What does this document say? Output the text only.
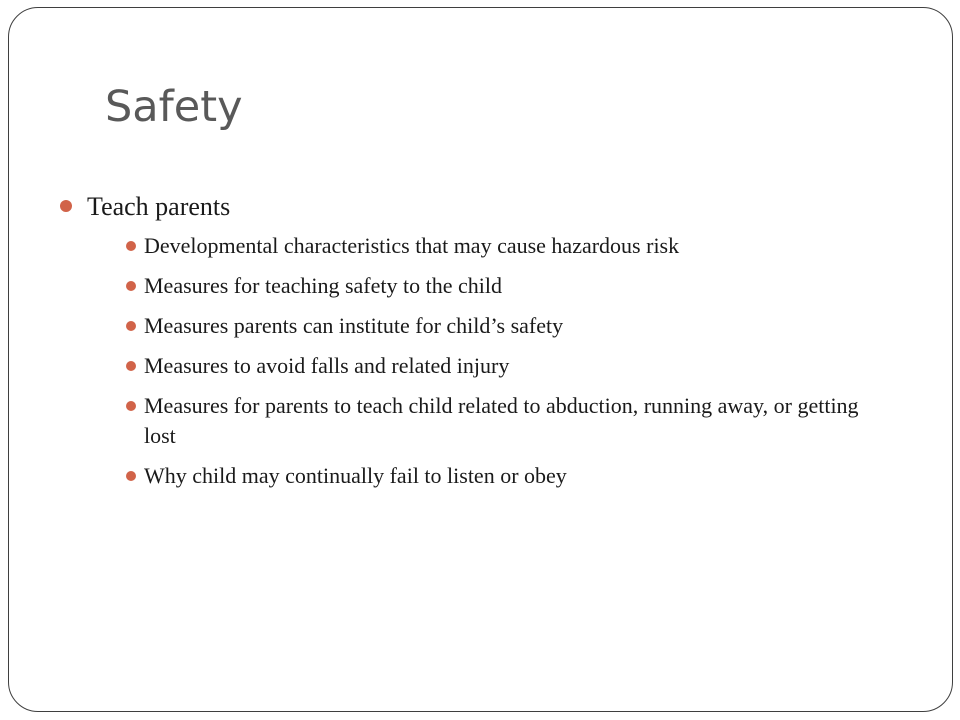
Safety
Teach parents
Developmental characteristics that may cause hazardous risk
Measures for teaching safety to the child
Measures parents can institute for child’s safety
Measures to avoid falls and related injury
Measures for parents to teach child related to abduction, running away, or getting lost
Why child may continually fail to listen or obey
